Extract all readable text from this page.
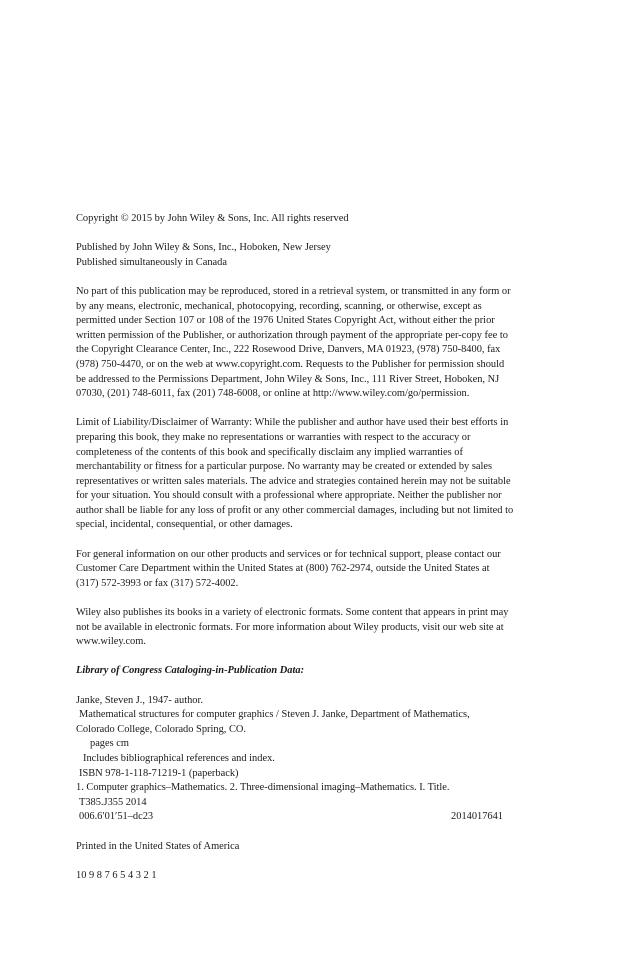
Copyright © 2015 by John Wiley & Sons, Inc. All rights reserved

Published by John Wiley & Sons, Inc., Hoboken, New Jersey
Published simultaneously in Canada

No part of this publication may be reproduced, stored in a retrieval system, or transmitted in any form or
by any means, electronic, mechanical, photocopying, recording, scanning, or otherwise, except as
permitted under Section 107 or 108 of the 1976 United States Copyright Act, without either the prior
written permission of the Publisher, or authorization through payment of the appropriate per-copy fee to
the Copyright Clearance Center, Inc., 222 Rosewood Drive, Danvers, MA 01923, (978) 750-8400, fax
(978) 750-4470, or on the web at www.copyright.com. Requests to the Publisher for permission should
be addressed to the Permissions Department, John Wiley & Sons, Inc., 111 River Street, Hoboken, NJ
07030, (201) 748-6011, fax (201) 748-6008, or online at http://www.wiley.com/go/permission.

Limit of Liability/Disclaimer of Warranty: While the publisher and author have used their best efforts in
preparing this book, they make no representations or warranties with respect to the accuracy or
completeness of the contents of this book and specifically disclaim any implied warranties of
merchantability or fitness for a particular purpose. No warranty may be created or extended by sales
representatives or written sales materials. The advice and strategies contained herein may not be suitable
for your situation. You should consult with a professional where appropriate. Neither the publisher nor
author shall be liable for any loss of profit or any other commercial damages, including but not limited to
special, incidental, consequential, or other damages.

For general information on our other products and services or for technical support, please contact our
Customer Care Department within the United States at (800) 762-2974, outside the United States at
(317) 572-3993 or fax (317) 572-4002.

Wiley also publishes its books in a variety of electronic formats. Some content that appears in print may
not be available in electronic formats. For more information about Wiley products, visit our web site at
www.wiley.com.

Library of Congress Cataloging-in-Publication Data:

Janke, Steven J., 1947- author.
Mathematical structures for computer graphics / Steven J. Janke, Department of Mathematics,
Colorado College, Colorado Spring, CO.
pages cm
Includes bibliographical references and index.
ISBN 978-1-118-71219-1 (paperback)
1. Computer graphics–Mathematics. 2. Three-dimensional imaging–Mathematics. I. Title.
T385.J355 2014
006.6′01′51–dc23	2014017641

Printed in the United States of America

10 9 8 7 6 5 4 3 2 1
